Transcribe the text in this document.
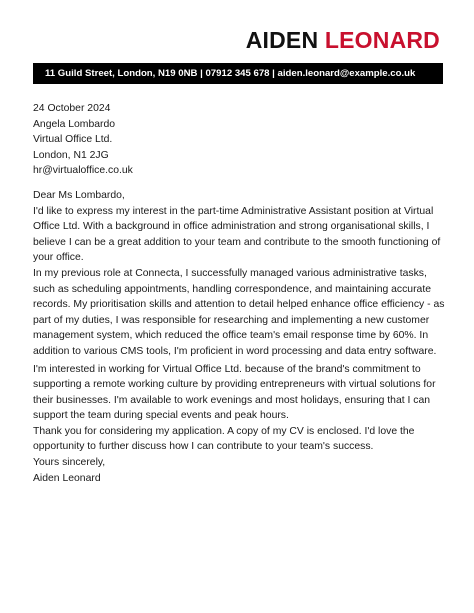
AIDEN LEONARD
11 Guild Street, London, N19 0NB | 07912 345 678 | aiden.leonard@example.co.uk

24 October 2024

Angela Lombardo
Virtual Office Ltd.
London, N1 2JG
hr@virtualoffice.co.uk

Dear Ms Lombardo,

I'd like to express my interest in the part-time Administrative Assistant position at Virtual Office Ltd. With a background in office administration and strong organisational skills, I believe I can be a great addition to your team and contribute to the smooth functioning of your office.

In my previous role at Connecta, I successfully managed various administrative tasks, such as scheduling appointments, handling correspondence, and maintaining accurate records. My prioritisation skills and attention to detail helped enhance office efficiency - as part of my duties, I was responsible for researching and implementing a new customer management system, which reduced the office team's email response time by 60%. In addition to various CMS tools, I'm proficient in word processing and data entry software.

I'm interested in working for Virtual Office Ltd. because of the brand's commitment to supporting a remote working culture by providing entrepreneurs with virtual solutions for their businesses. I'm available to work evenings and most holidays, ensuring that I can support the team during special events and peak hours.

Thank you for considering my application. A copy of my CV is enclosed. I'd love the opportunity to further discuss how I can contribute to your team's success.

Yours sincerely,
Aiden Leonard
